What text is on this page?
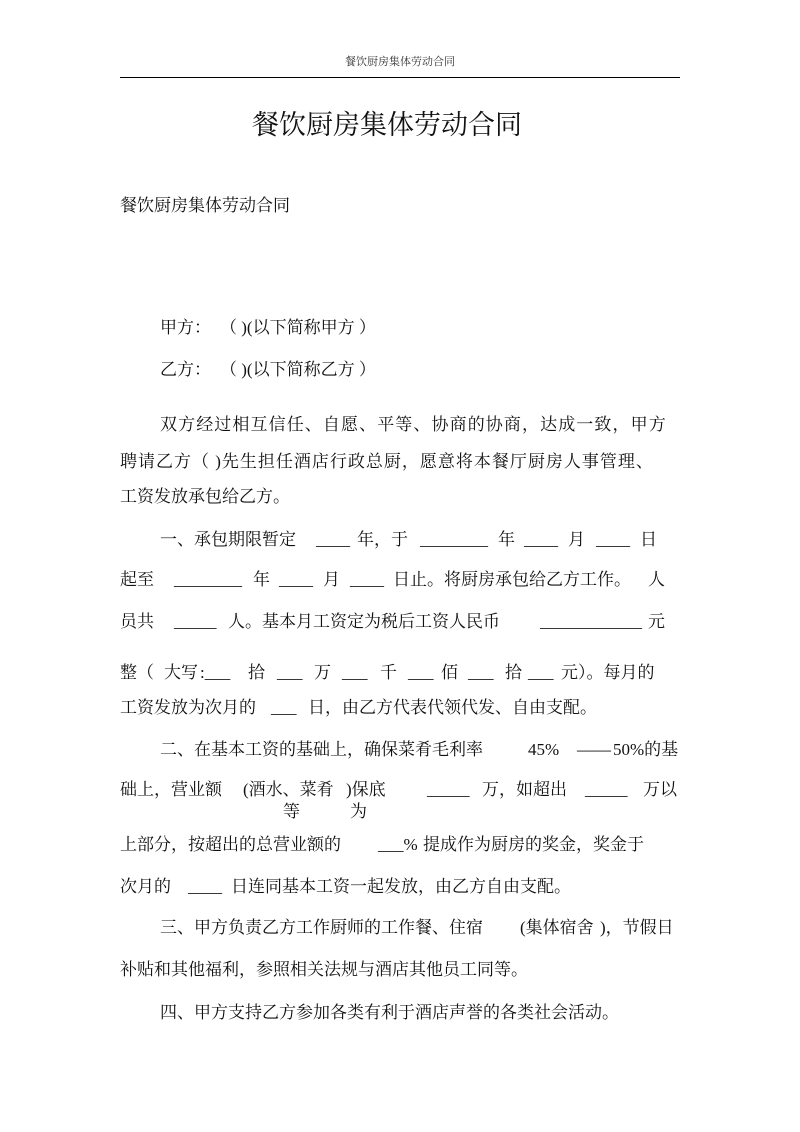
餐饮厨房集体劳动合同
餐饮厨房集体劳动合同
餐饮厨房集体劳动合同
甲方： （ )(以下简称甲方 ）
乙方： （ )(以下简称乙方 ）
双方经过相互信任、自愿、平等、协商的协商，达成一致，甲方
聘请乙方（ )先生担任酒店行政总厨，愿意将本餐厅厨房人事管理、
工资发放承包给乙方。
一、承包期限暂定 ____ 年，于 ________ 年 ____ 月 ____ 日
起至 ________ 年 ____ 月 ____ 日止。将厨房承包给乙方工作。 人
员共 _____ 人。基本月工资定为税后工资人民币 ____________ 元
整（ 大写 :___ 拾 ___ 万 ___ 千 ___ 佰 ___ 拾 ___ 元）。每月的
工资发放为次月的 ___ 日，由乙方代表代领代发、自由支配。
二、在基本工资的基础上，确保菜肴毛利率	45% —— 50%的基
础上，营业额 (酒水、菜肴 )保底 _____ 万，如超出 _____ 万以
等	为
上部分，按超出的总营业额的 ___% 提成作为厨房的奖金，奖金于
次月的 ____ 日连同基本工资一起发放，由乙方自由支配。
三、甲方负责乙方工作厨师的工作餐、住宿 (集体宿舍 )，节假日
补贴和其他福利，参照相关法规与酒店其他员工同等。
四、甲方支持乙方参加各类有利于酒店声誉的各类社会活动。
